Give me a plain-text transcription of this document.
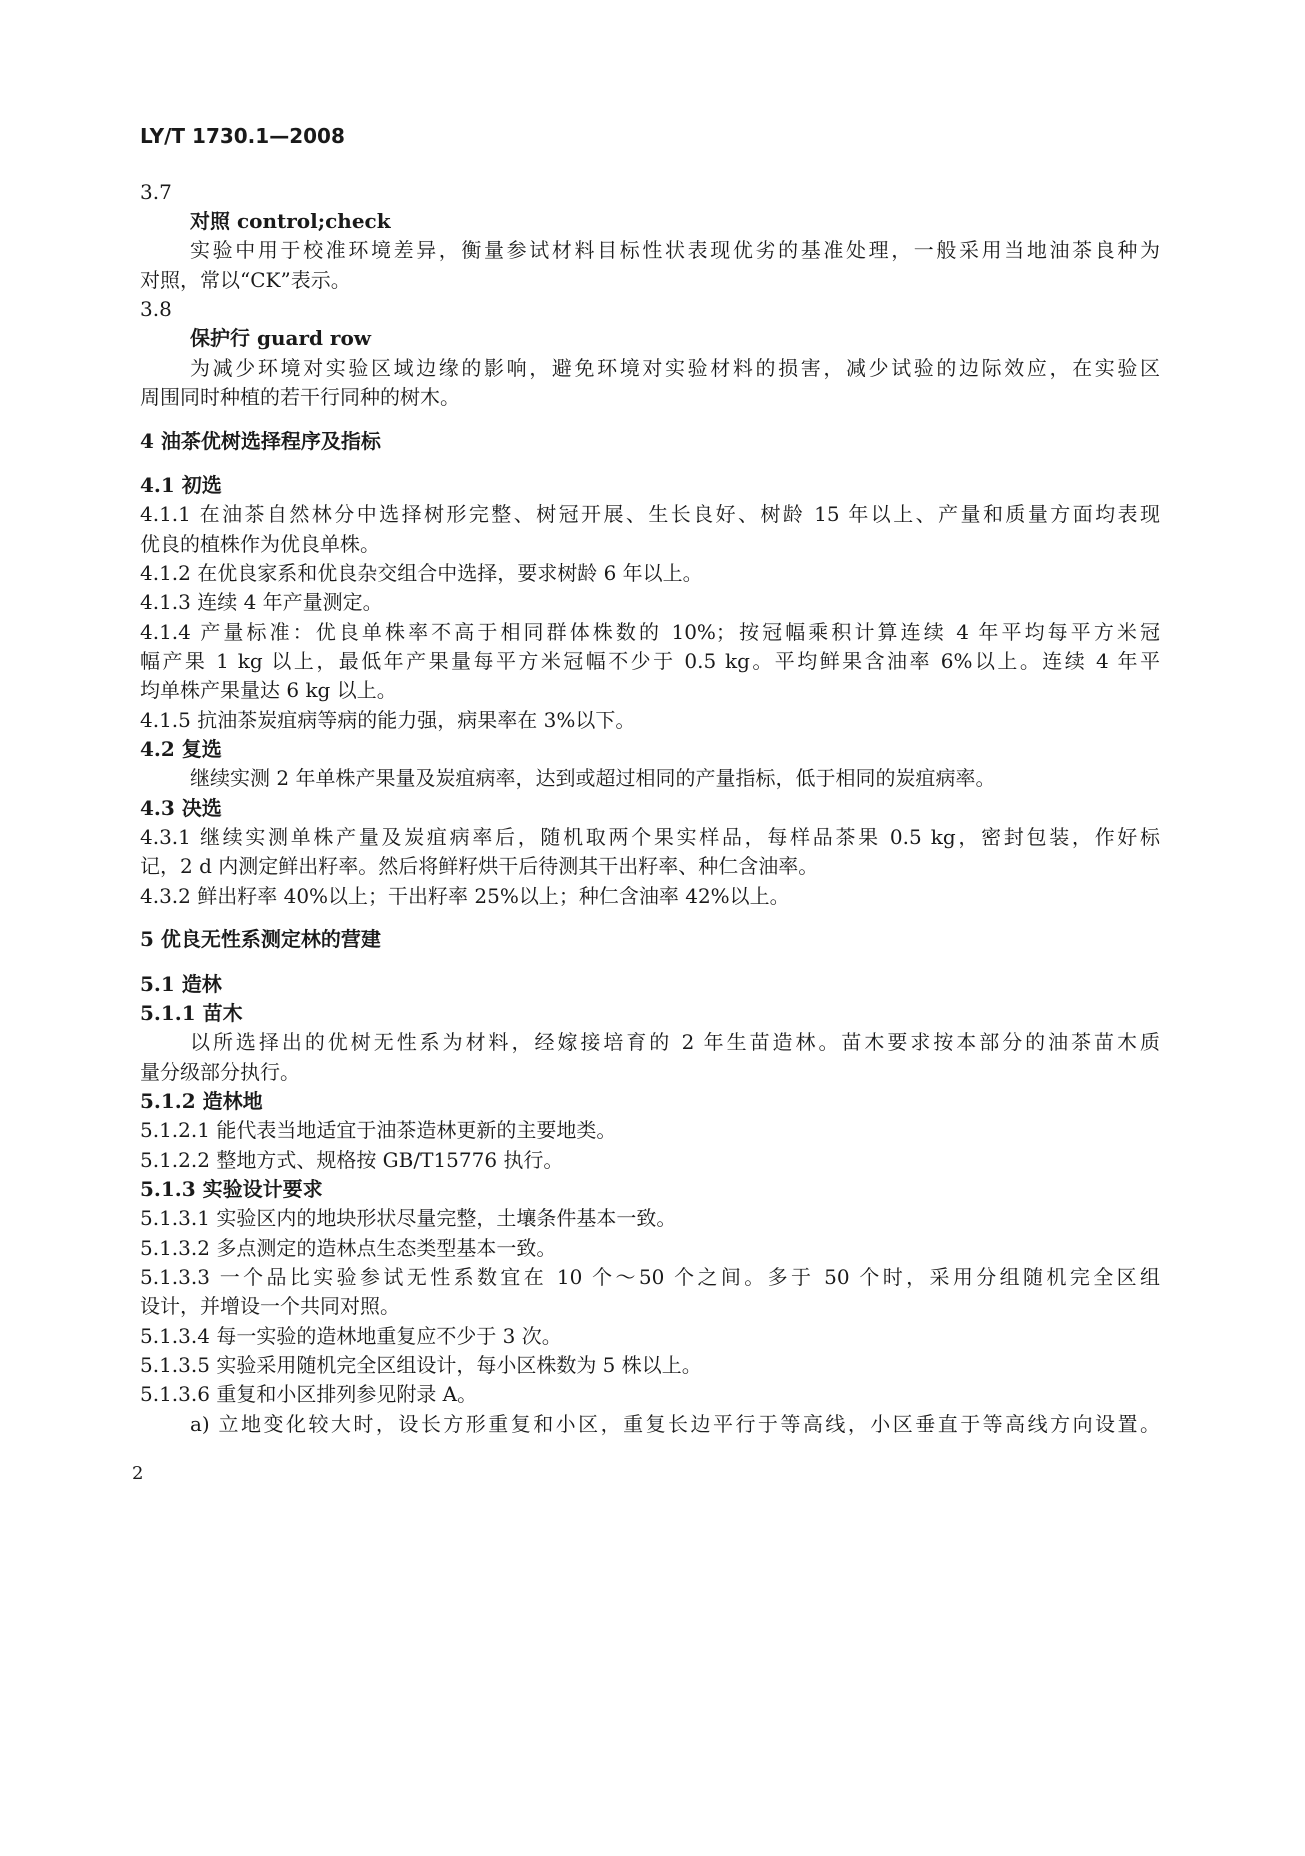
LY/T 1730.1—2008
3.7
对照 control;check
实验中用于校准环境差异，衡量参试材料目标性状表现优劣的基准处理，一般采用当地油茶良种为
对照，常以“CK”表示。
3.8
保护行 guard row
为减少环境对实验区域边缘的影响，避免环境对实验材料的损害，减少试验的边际效应，在实验区
周围同时种植的若干行同种的树木。
4 油茶优树选择程序及指标
4.1 初选
4.1.1 在油茶自然林分中选择树形完整、树冠开展、生长良好、树龄 15 年以上、产量和质量方面均表现
优良的植株作为优良单株。
4.1.2 在优良家系和优良杂交组合中选择，要求树龄 6 年以上。
4.1.3 连续 4 年产量测定。
4.1.4 产量标准：优良单株率不高于相同群体株数的 10%；按冠幅乘积计算连续 4 年平均每平方米冠
幅产果 1 kg 以上，最低年产果量每平方米冠幅不少于 0.5 kg。平均鲜果含油率 6%以上。连续 4 年平
均单株产果量达 6 kg 以上。
4.1.5 抗油茶炭疽病等病的能力强，病果率在 3%以下。
4.2 复选
继续实测 2 年单株产果量及炭疽病率，达到或超过相同的产量指标，低于相同的炭疽病率。
4.3 决选
4.3.1 继续实测单株产量及炭疽病率后，随机取两个果实样品，每样品茶果 0.5 kg，密封包装，作好标
记，2 d 内测定鲜出籽率。然后将鲜籽烘干后待测其干出籽率、种仁含油率。
4.3.2 鲜出籽率 40%以上；干出籽率 25%以上；种仁含油率 42%以上。
5 优良无性系测定林的营建
5.1 造林
5.1.1 苗木
以所选择出的优树无性系为材料，经嫁接培育的 2 年生苗造林。苗木要求按本部分的油茶苗木质
量分级部分执行。
5.1.2 造林地
5.1.2.1 能代表当地适宜于油茶造林更新的主要地类。
5.1.2.2 整地方式、规格按 GB/T15776 执行。
5.1.3 实验设计要求
5.1.3.1 实验区内的地块形状尽量完整，土壤条件基本一致。
5.1.3.2 多点测定的造林点生态类型基本一致。
5.1.3.3 一个品比实验参试无性系数宜在 10 个～50 个之间。多于 50 个时，采用分组随机完全区组
设计，并增设一个共同对照。
5.1.3.4 每一实验的造林地重复应不少于 3 次。
5.1.3.5 实验采用随机完全区组设计，每小区株数为 5 株以上。
5.1.3.6 重复和小区排列参见附录 A。
a) 立地变化较大时，设长方形重复和小区，重复长边平行于等高线，小区垂直于等高线方向设置。
2
